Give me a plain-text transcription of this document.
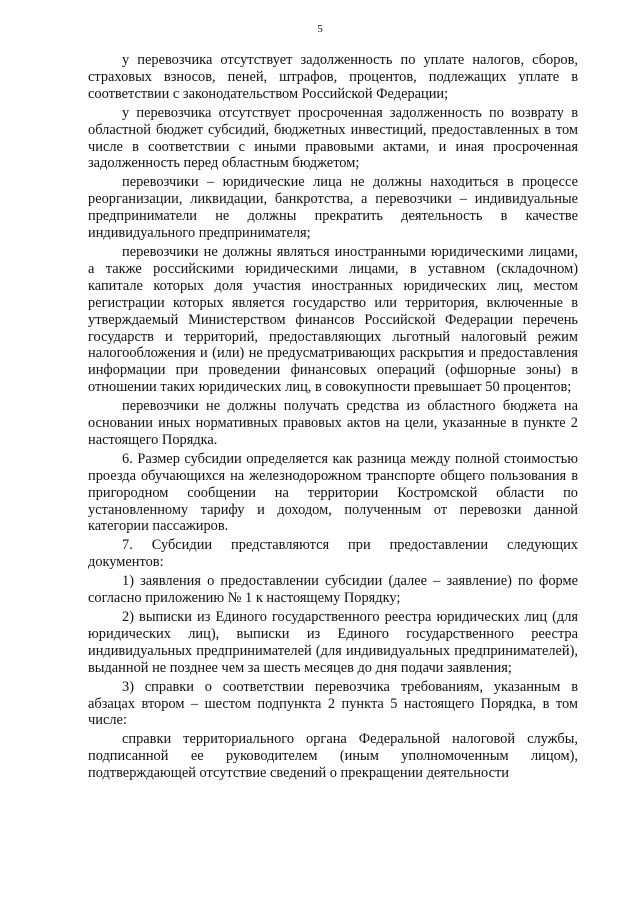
5

у перевозчика отсутствует задолженность по уплате налогов, сборов, страховых взносов, пеней, штрафов, процентов, подлежащих уплате в соответствии с законодательством Российской Федерации;

у перевозчика отсутствует просроченная задолженность по возврату в областной бюджет субсидий, бюджетных инвестиций, предоставленных в том числе в соответствии с иными правовыми актами, и иная просроченная задолженность перед областным бюджетом;

перевозчики – юридические лица не должны находиться в процессе реорганизации, ликвидации, банкротства, а перевозчики – индивидуальные предприниматели не должны прекратить деятельность в качестве индивидуального предпринимателя;

перевозчики не должны являться иностранными юридическими лицами, а также российскими юридическими лицами, в уставном (складочном) капитале которых доля участия иностранных юридических лиц, местом регистрации которых является государство или территория, включенные в утверждаемый Министерством финансов Российской Федерации перечень государств и территорий, предоставляющих льготный налоговый режим налогообложения и (или) не предусматривающих раскрытия и предоставления информации при проведении финансовых операций (офшорные зоны) в отношении таких юридических лиц, в совокупности превышает 50 процентов;

перевозчики не должны получать средства из областного бюджета на основании иных нормативных правовых актов на цели, указанные в пункте 2 настоящего Порядка.

6. Размер субсидии определяется как разница между полной стоимостью проезда обучающихся на железнодорожном транспорте общего пользования в пригородном сообщении на территории Костромской области по установленному тарифу и доходом, полученным от перевозки данной категории пассажиров.

7. Субсидии представляются при предоставлении следующих документов:

1) заявления о предоставлении субсидии (далее – заявление) по форме согласно приложению № 1 к настоящему Порядку;

2) выписки из Единого государственного реестра юридических лиц (для юридических лиц), выписки из Единого государственного реестра индивидуальных предпринимателей (для индивидуальных предпринимателей), выданной не позднее чем за шесть месяцев до дня подачи заявления;

3) справки о соответствии перевозчика требованиям, указанным в абзацах втором – шестом подпункта 2 пункта 5 настоящего Порядка, в том числе:

справки территориального органа Федеральной налоговой службы, подписанной ее руководителем (иным уполномоченным лицом), подтверждающей отсутствие сведений о прекращении деятельности
